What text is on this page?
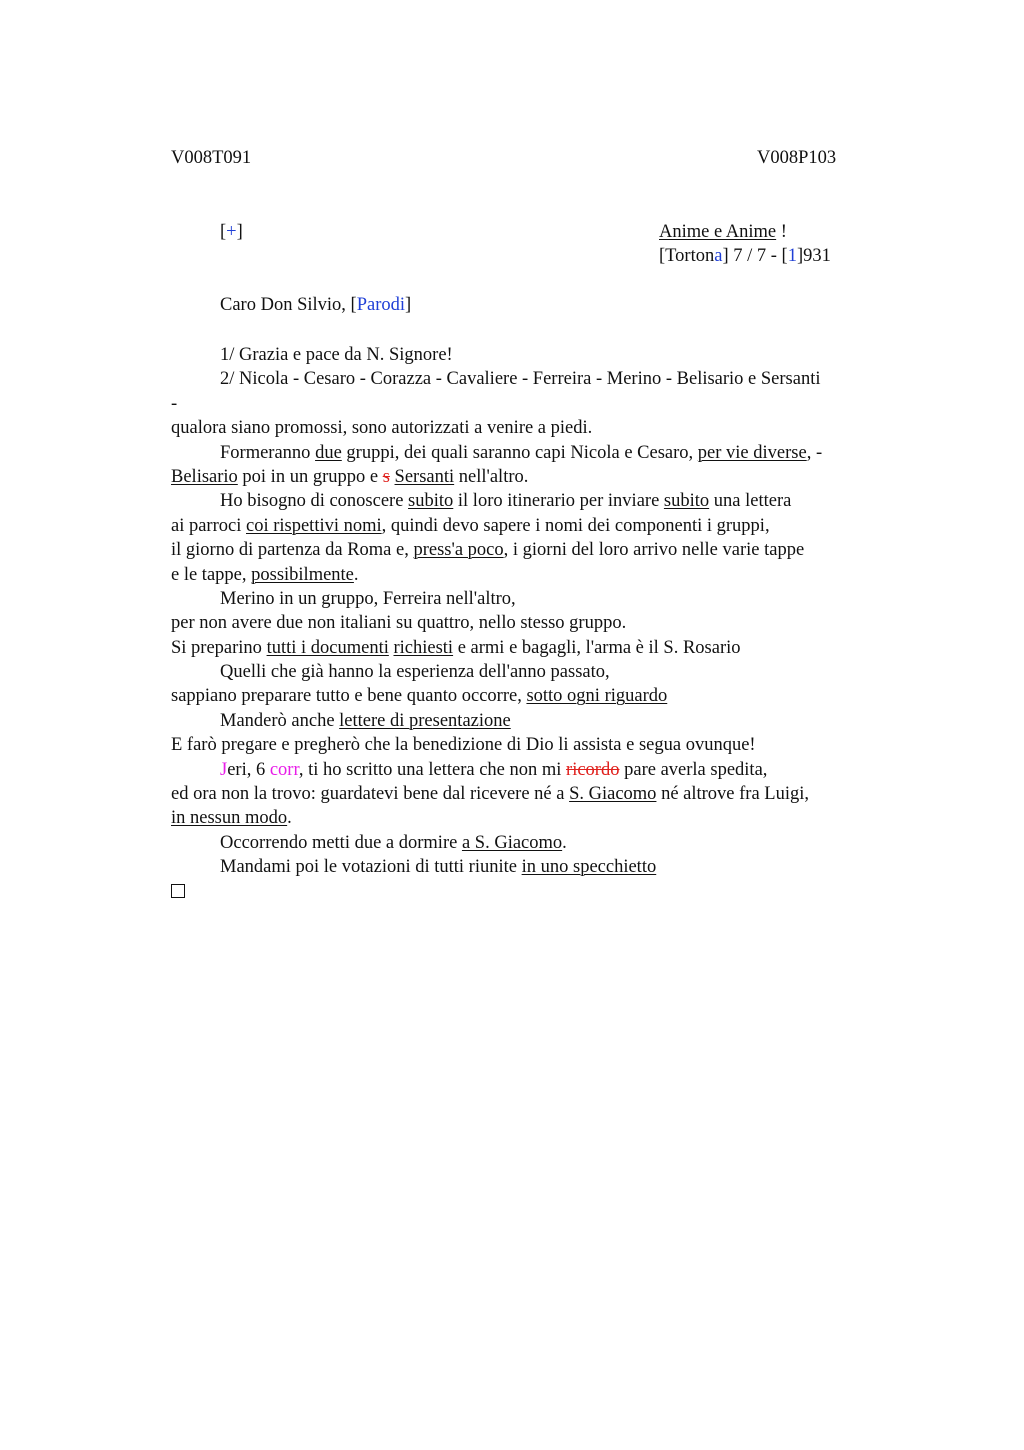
V008T091	V008P103
[+]	Anime e Anime !
[Tortona] 7 / 7 - [1]931
Caro Don Silvio, [Parodi]
1/ Grazia e pace da N. Signore!
2/ Nicola - Cesaro - Corazza - Cavaliere - Ferreira - Merino - Belisario e Sersanti
-
qualora siano promossi, sono autorizzati a venire a piedi.
Formeranno due gruppi, dei quali saranno capi Nicola e Cesaro, per vie diverse, -
Belisario poi in un gruppo e s Sersanti nell'altro.
Ho bisogno di conoscere subito il loro itinerario per inviare subito una lettera
ai parroci coi rispettivi nomi, quindi devo sapere i nomi dei componenti i gruppi,
il giorno di partenza da Roma e, press'a poco, i giorni del loro arrivo nelle varie tappe
e le tappe, possibilmente.
Merino in un gruppo, Ferreira nell'altro,
per non avere due non italiani su quattro, nello stesso gruppo.
Si preparino tutti i documenti richiesti e armi e bagagli, l'arma è il S. Rosario
Quelli che già hanno la esperienza dell'anno passato,
sappiano preparare tutto e bene quanto occorre, sotto ogni riguardo
Manderò anche lettere di presentazione
E farò pregare e pregherò che la benedizione di Dio li assista e segua ovunque!
Jeri, 6 corr, ti ho scritto una lettera che non mi ricordo pare averla spedita,
ed ora non la trovo: guardatevi bene dal ricevere né a S. Giacomo né altrove fra Luigi,
in nessun modo.
Occorrendo metti due a dormire a S. Giacomo.
Mandami poi le votazioni di tutti riunite in uno specchietto
